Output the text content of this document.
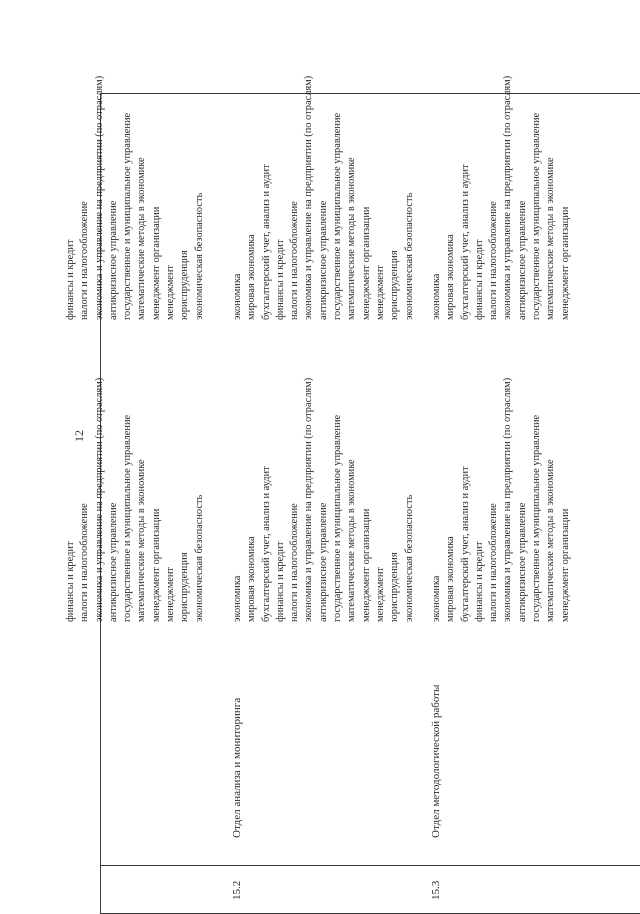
12
финансы и кредит налоги и налогообложение экономика и управление на предприятии (по отраслям) антикризисное управление государственное и муниципальное управление математические методы в экономике менеджмент организации менеджмент юриспруденция экономическая безопасность
финансы и кредит налоги и налогообложение экономика и управление на предприятии (по отраслям) антикризисное управление государственное и муниципальное управление математические методы в экономике менеджмент организации менеджмент юриспруденция экономическая безопасность
15.2
Отдел анализа и мониторинга
экономика мировая экономика бухгалтерский учет, анализ и аудит финансы и кредит налоги и налогообложение экономика и управление на предприятии (по отраслям) антикризисное управление государственное и муниципальное управление математические методы в экономике менеджмент организации менеджмент юриспруденция экономическая безопасность
экономика мировая экономика бухгалтерский учет, анализ и аудит финансы и кредит налоги и налогообложение экономика и управление на предприятии (по отраслям) антикризисное управление государственное и муниципальное управление математические методы в экономике менеджмент организации менеджмент юриспруденция экономическая безопасность
15.3
Отдел методологической работы
экономика мировая экономика бухгалтерский учет, анализ и аудит финансы и кредит налоги и налогообложение экономика и управление на предприятии (по отраслям) антикризисное управление государственное и муниципальное управление математические методы в экономике менеджмент организации
экономика мировая экономика бухгалтерский учет, анализ и аудит финансы и кредит налоги и налогообложение экономика и управление на предприятии (по отраслям) антикризисное управление государственное и муниципальное управление математические методы в экономике менеджмент организации
